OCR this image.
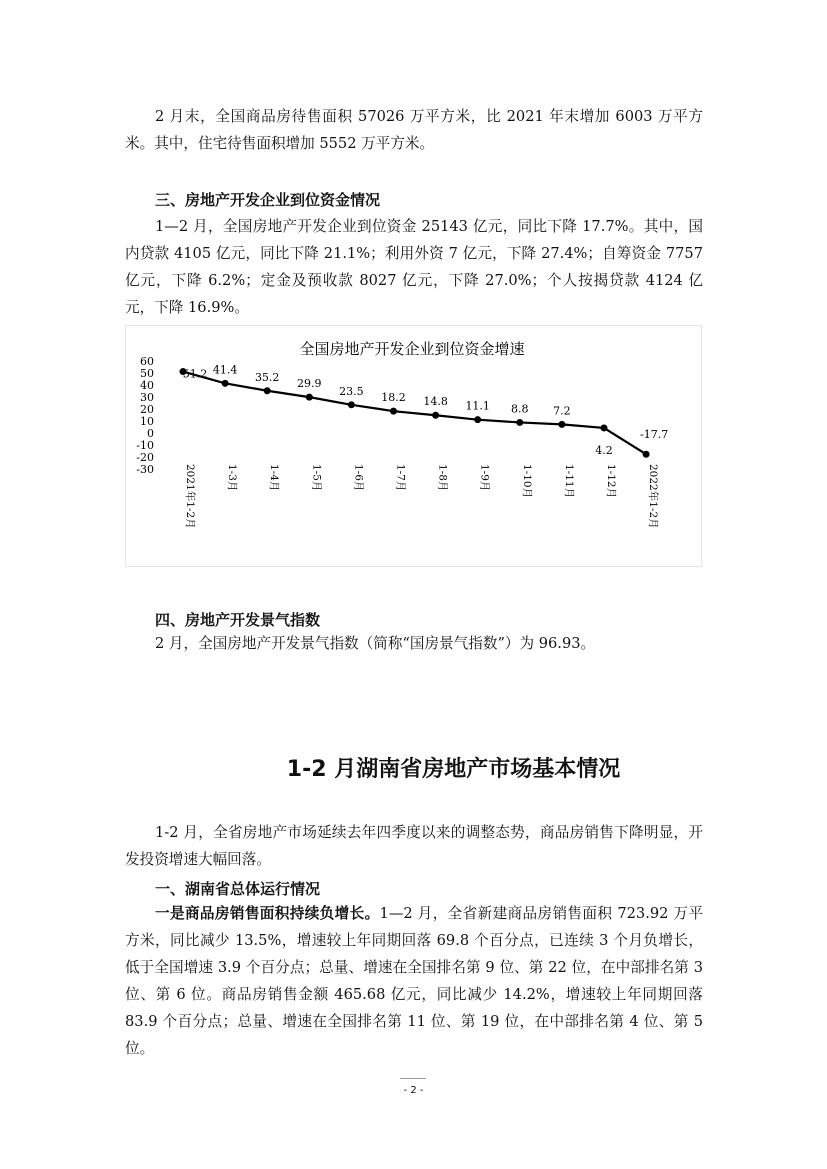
2 月末，全国商品房待售面积 57026 万平方米，比 2021 年末增加 6003 万平方米。其中，住宅待售面积增加 5552 万平方米。

三、房地产开发企业到位资金情况

1—2 月，全国房地产开发企业到位资金 25143 亿元，同比下降 17.7%。其中，国内贷款 4105 亿元，同比下降 21.1%；利用外资 7 亿元，下降 27.4%；自筹资金 7757 亿元，下降 6.2%；定金及预收款 8027 亿元，下降 27.0%；个人按揭贷款 4124 亿元，下降 16.9%。

全国房地产开发企业到位资金增速
60
50
40
30
20
10
0
-10
-20
-30	2021年1-2月	1-3月	1-4月	1-5月	1-6月	1-7月	1-8月	1-9月	1-10月	1-11月	1-12月	2022年1-2月
51.2 41.4
35.2 29.9
23.5 18.2 14.8 11.1 8.8 7.2
4.2
-17.7

四、房地产开发景气指数

2 月，全国房地产开发景气指数（简称“国房景气指数”）为 96.93。

1-2 月湖南省房地产市场基本情况

1-2 月，全省房地产市场延续去年四季度以来的调整态势，商品房销售下降明显，开发投资增速大幅回落。

一、湖南省总体运行情况

一是商品房销售面积持续负增长。1—2 月，全省新建商品房销售面积 723.92 万平方米，同比减少 13.5%，增速较上年同期回落 69.8 个百分点，已连续 3 个月负增长，低于全国增速 3.9 个百分点；总量、增速在全国排名第 9 位、第 22 位，在中部排名第 3 位、第 6 位。商品房销售金额 465.68 亿元，同比减少 14.2%，增速较上年同期回落 83.9 个百分点；总量、增速在全国排名第 11 位、第 19 位，在中部排名第 4 位、第 5 位。

- 2 -
